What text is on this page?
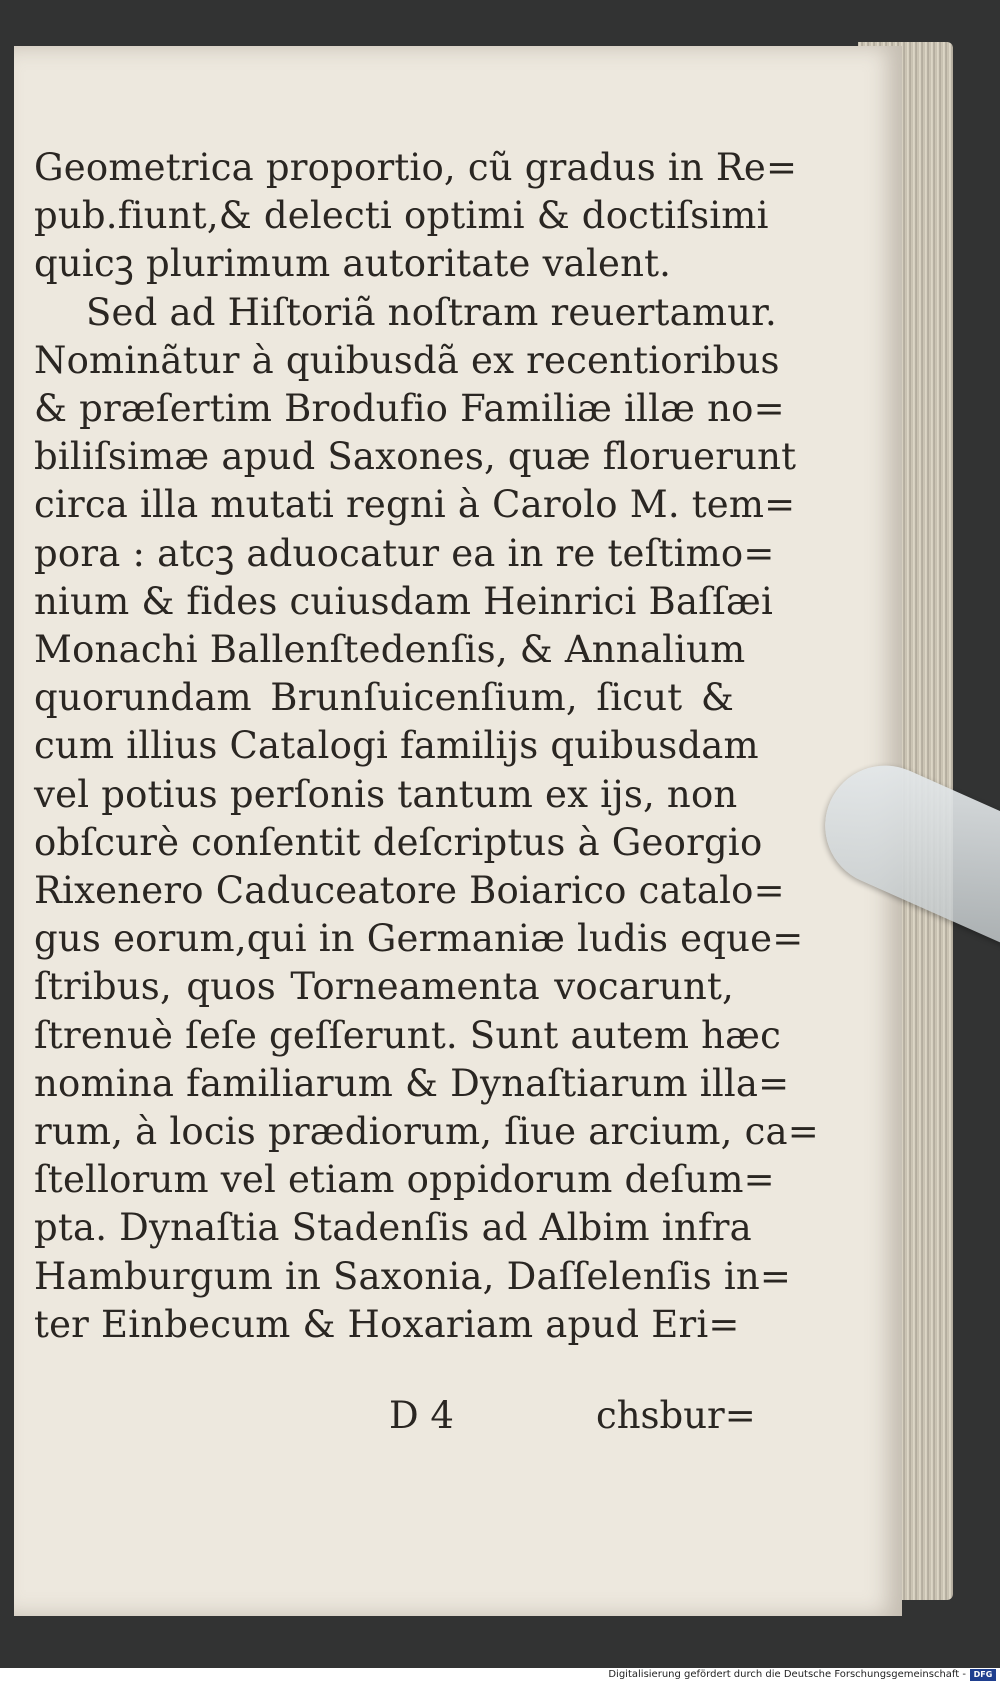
Geometrica proportio, cũ gradus in Re=
pub.fiunt,& delecti optimi & doctiſsimi
quicꝫ plurimum autoritate valent.
Sed ad Hiſtoriã noſtram reuertamur.
Nominãtur à quibusdã ex recentioribus
& præſertim Brodufio Familiæ illæ no=
biliſsimæ apud Saxones, quæ floruerunt
circa illa mutati regni à Carolo M. tem=
pora : atcꝫ aduocatur ea in re teſtimo=
nium & fides cuiusdam Heinrici Baſſæi
Monachi Ballenſtedenſis, & Annalium
quorundam Brunſuicenſium, ſicut &
cum illius Catalogi familijs quibusdam
vel potius perſonis tantum ex ijs, non
obſcurè conſentit deſcriptus à Georgio
Rixenero Caduceatore Boiarico catalo=
gus eorum,qui in Germaniæ ludis eque=
ſtribus, quos Torneamenta vocarunt,
ſtrenuè ſeſe geſſerunt. Sunt autem hæc
nomina familiarum & Dynaſtiarum illa=
rum, à locis prædiorum, ſiue arcium, ca=
ſtellorum vel etiam oppidorum deſum=
pta. Dynaſtia Stadenſis ad Albim infra
Hamburgum in Saxonia, Daſſelenſis in=
ter Einbecum & Hoxariam apud Eri=
D 4	chsbur=
Digitalisierung gefördert durch die Deutsche Forschungsgemeinschaft - DFG
